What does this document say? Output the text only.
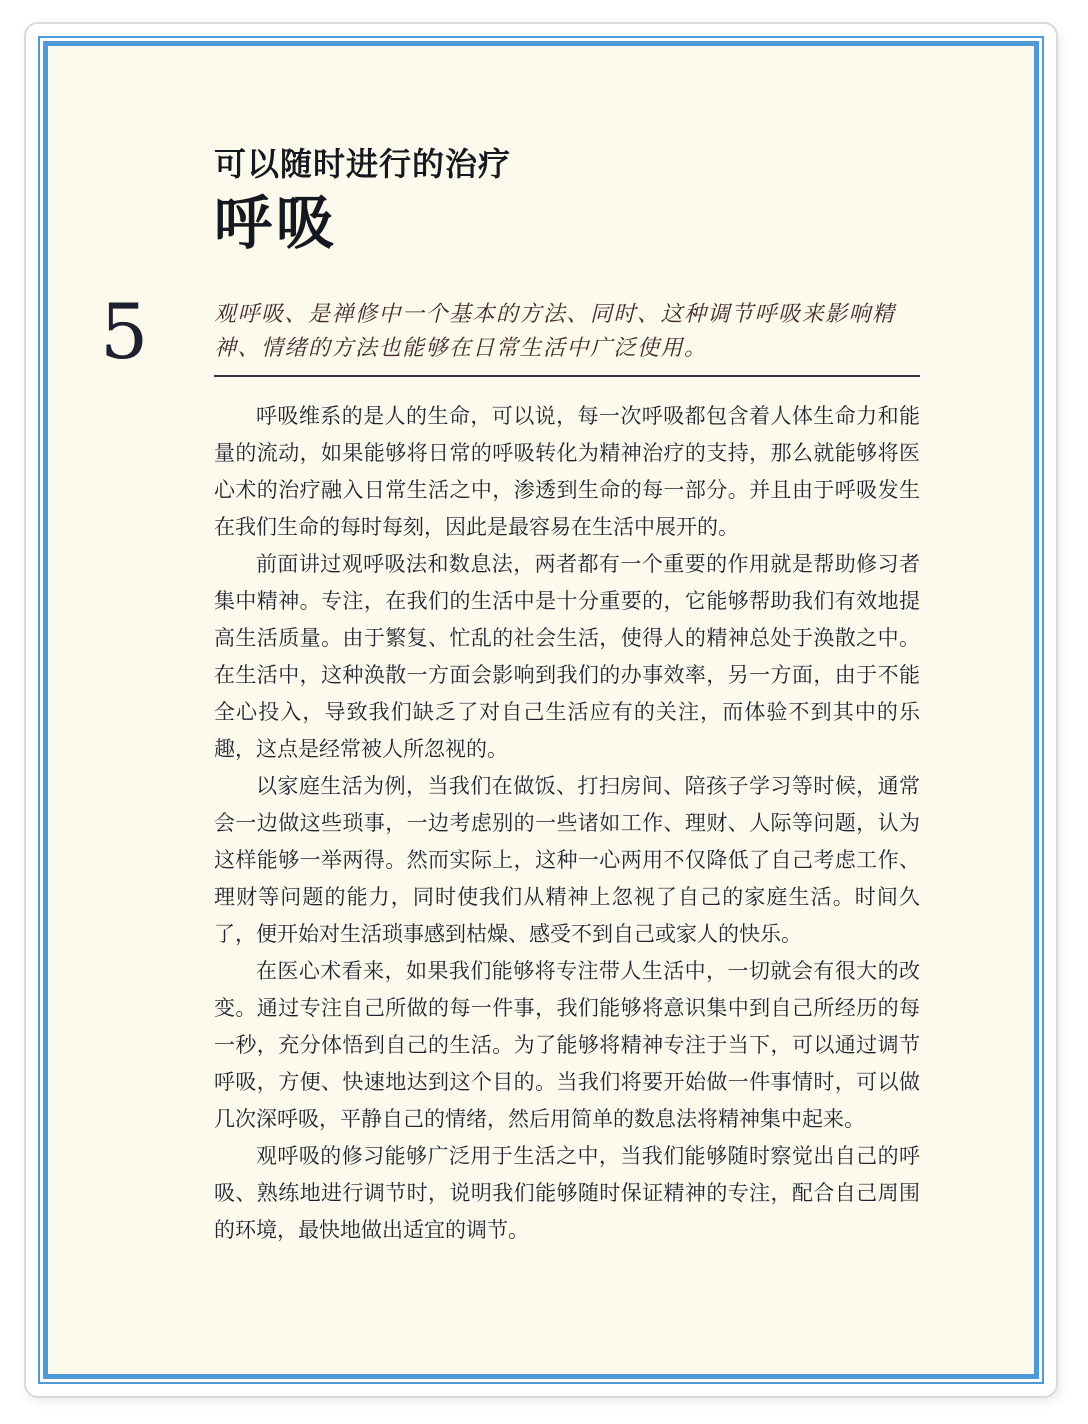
5
可以随时进行的治疗
呼吸

观呼吸、是禅修中一个基本的方法、同时、这种调节呼吸来影响精神、情绪的方法也能够在日常生活中广泛使用。

呼吸维系的是人的生命，可以说，每一次呼吸都包含着人体生命力和能量的流动，如果能够将日常的呼吸转化为精神治疗的支持，那么就能够将医心术的治疗融入日常生活之中，渗透到生命的每一部分。并且由于呼吸发生在我们生命的每时每刻，因此是最容易在生活中展开的。

前面讲过观呼吸法和数息法，两者都有一个重要的作用就是帮助修习者集中精神。专注，在我们的生活中是十分重要的，它能够帮助我们有效地提高生活质量。由于繁复、忙乱的社会生活，使得人的精神总处于涣散之中。在生活中，这种涣散一方面会影响到我们的办事效率，另一方面，由于不能全心投入，导致我们缺乏了对自己生活应有的关注，而体验不到其中的乐趣，这点是经常被人所忽视的。

以家庭生活为例，当我们在做饭、打扫房间、陪孩子学习等时候，通常会一边做这些琐事，一边考虑别的一些诸如工作、理财、人际等问题，认为这样能够一举两得。然而实际上，这种一心两用不仅降低了自己考虑工作、理财等问题的能力，同时使我们从精神上忽视了自己的家庭生活。时间久了，便开始对生活琐事感到枯燥、感受不到自己或家人的快乐。

在医心术看来，如果我们能够将专注带人生活中，一切就会有很大的改变。通过专注自己所做的每一件事，我们能够将意识集中到自己所经历的每一秒，充分体悟到自己的生活。为了能够将精神专注于当下，可以通过调节呼吸，方便、快速地达到这个目的。当我们将要开始做一件事情时，可以做几次深呼吸，平静自己的情绪，然后用简单的数息法将精神集中起来。

观呼吸的修习能够广泛用于生活之中，当我们能够随时察觉出自己的呼吸、熟练地进行调节时，说明我们能够随时保证精神的专注，配合自己周围的环境，最快地做出适宜的调节。
